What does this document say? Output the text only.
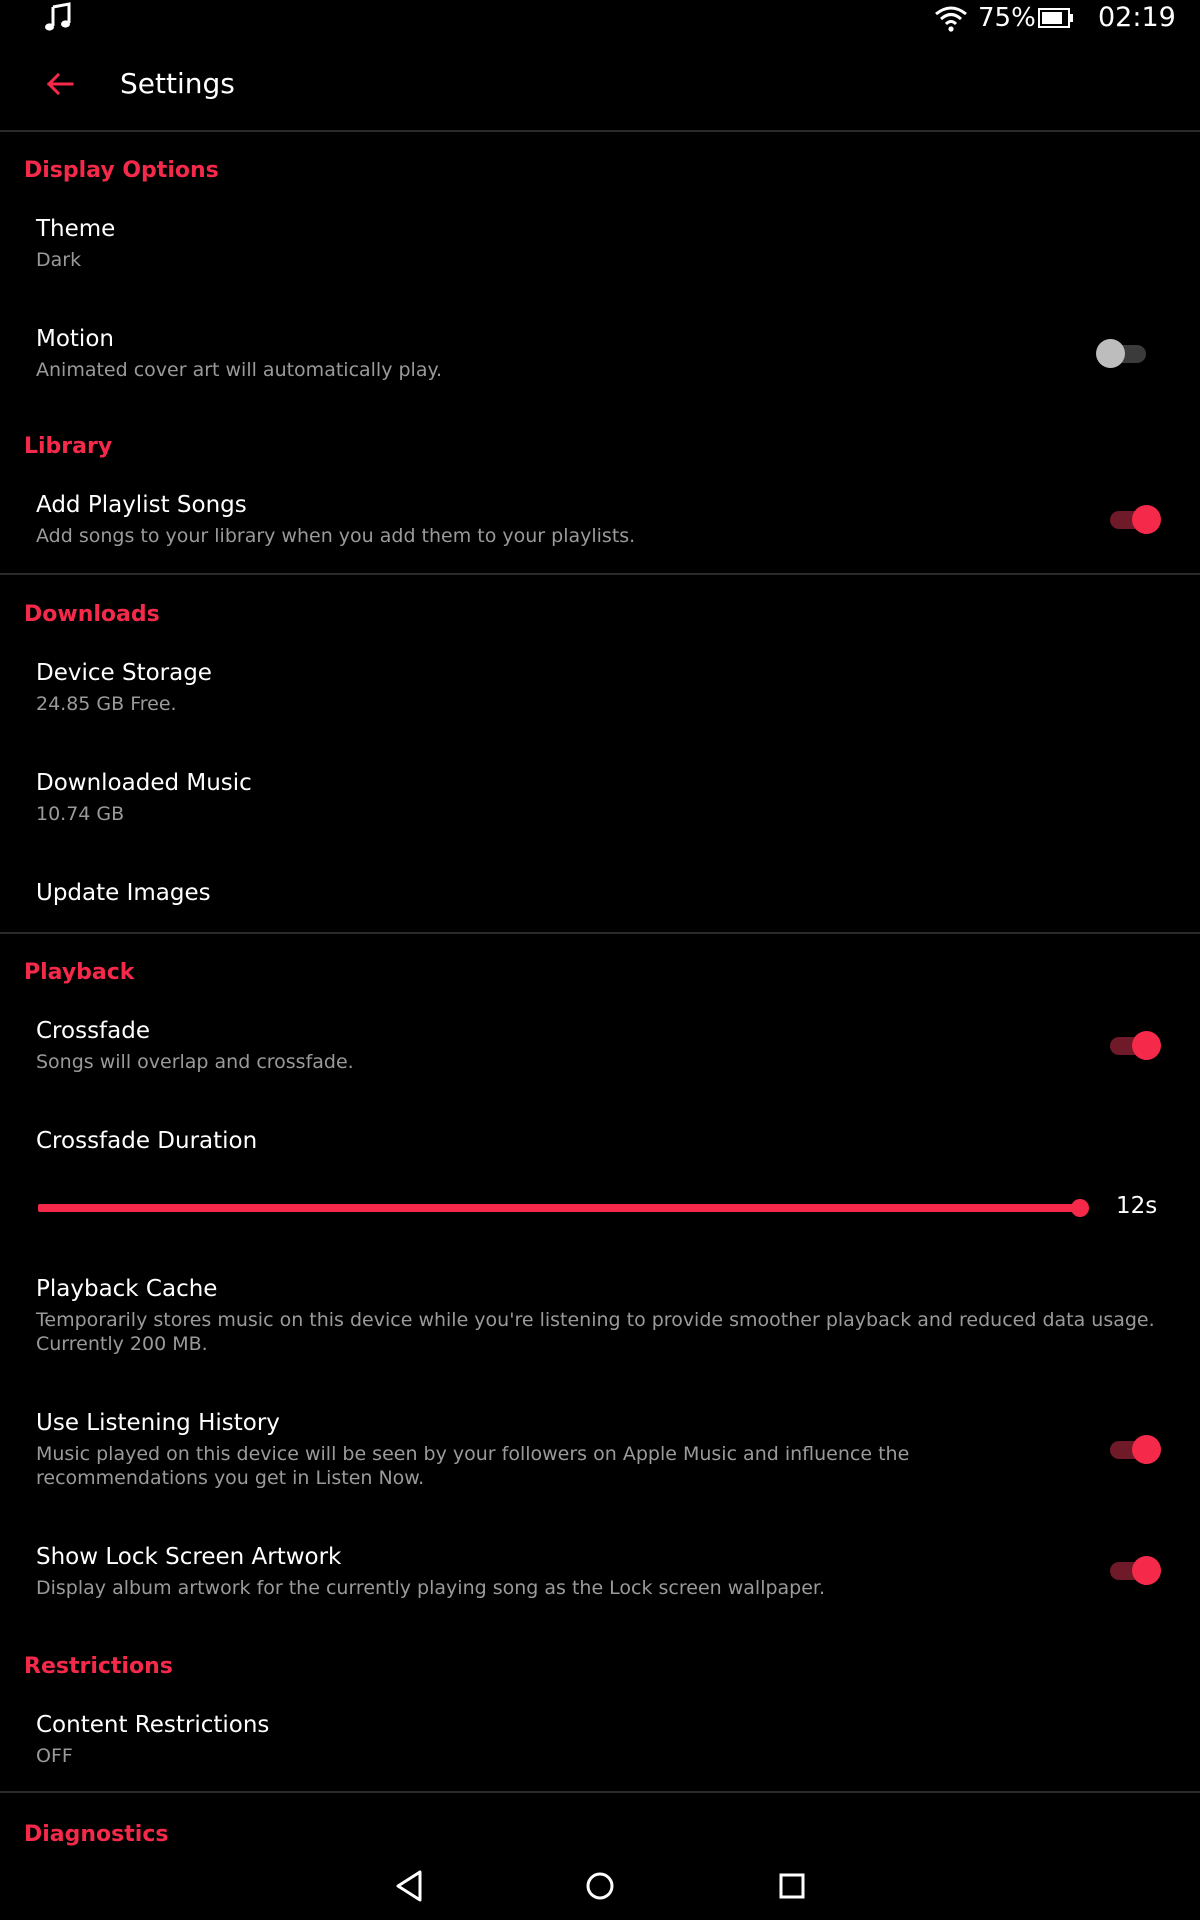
75% 02:19
Settings
Display Options
Theme
Dark
Motion
Animated cover art will automatically play.
Library
Add Playlist Songs
Add songs to your library when you add them to your playlists.
Downloads
Device Storage
24.85 GB Free.
Downloaded Music
10.74 GB
Update Images
Playback
Crossfade
Songs will overlap and crossfade.
Crossfade Duration
12s
Playback Cache
Temporarily stores music on this device while you're listening to provide smoother playback and reduced data usage.
Currently 200 MB.
Use Listening History
Music played on this device will be seen by your followers on Apple Music and influence the recommendations you get in Listen Now.
Show Lock Screen Artwork
Display album artwork for the currently playing song as the Lock screen wallpaper.
Restrictions
Content Restrictions
OFF
Diagnostics
